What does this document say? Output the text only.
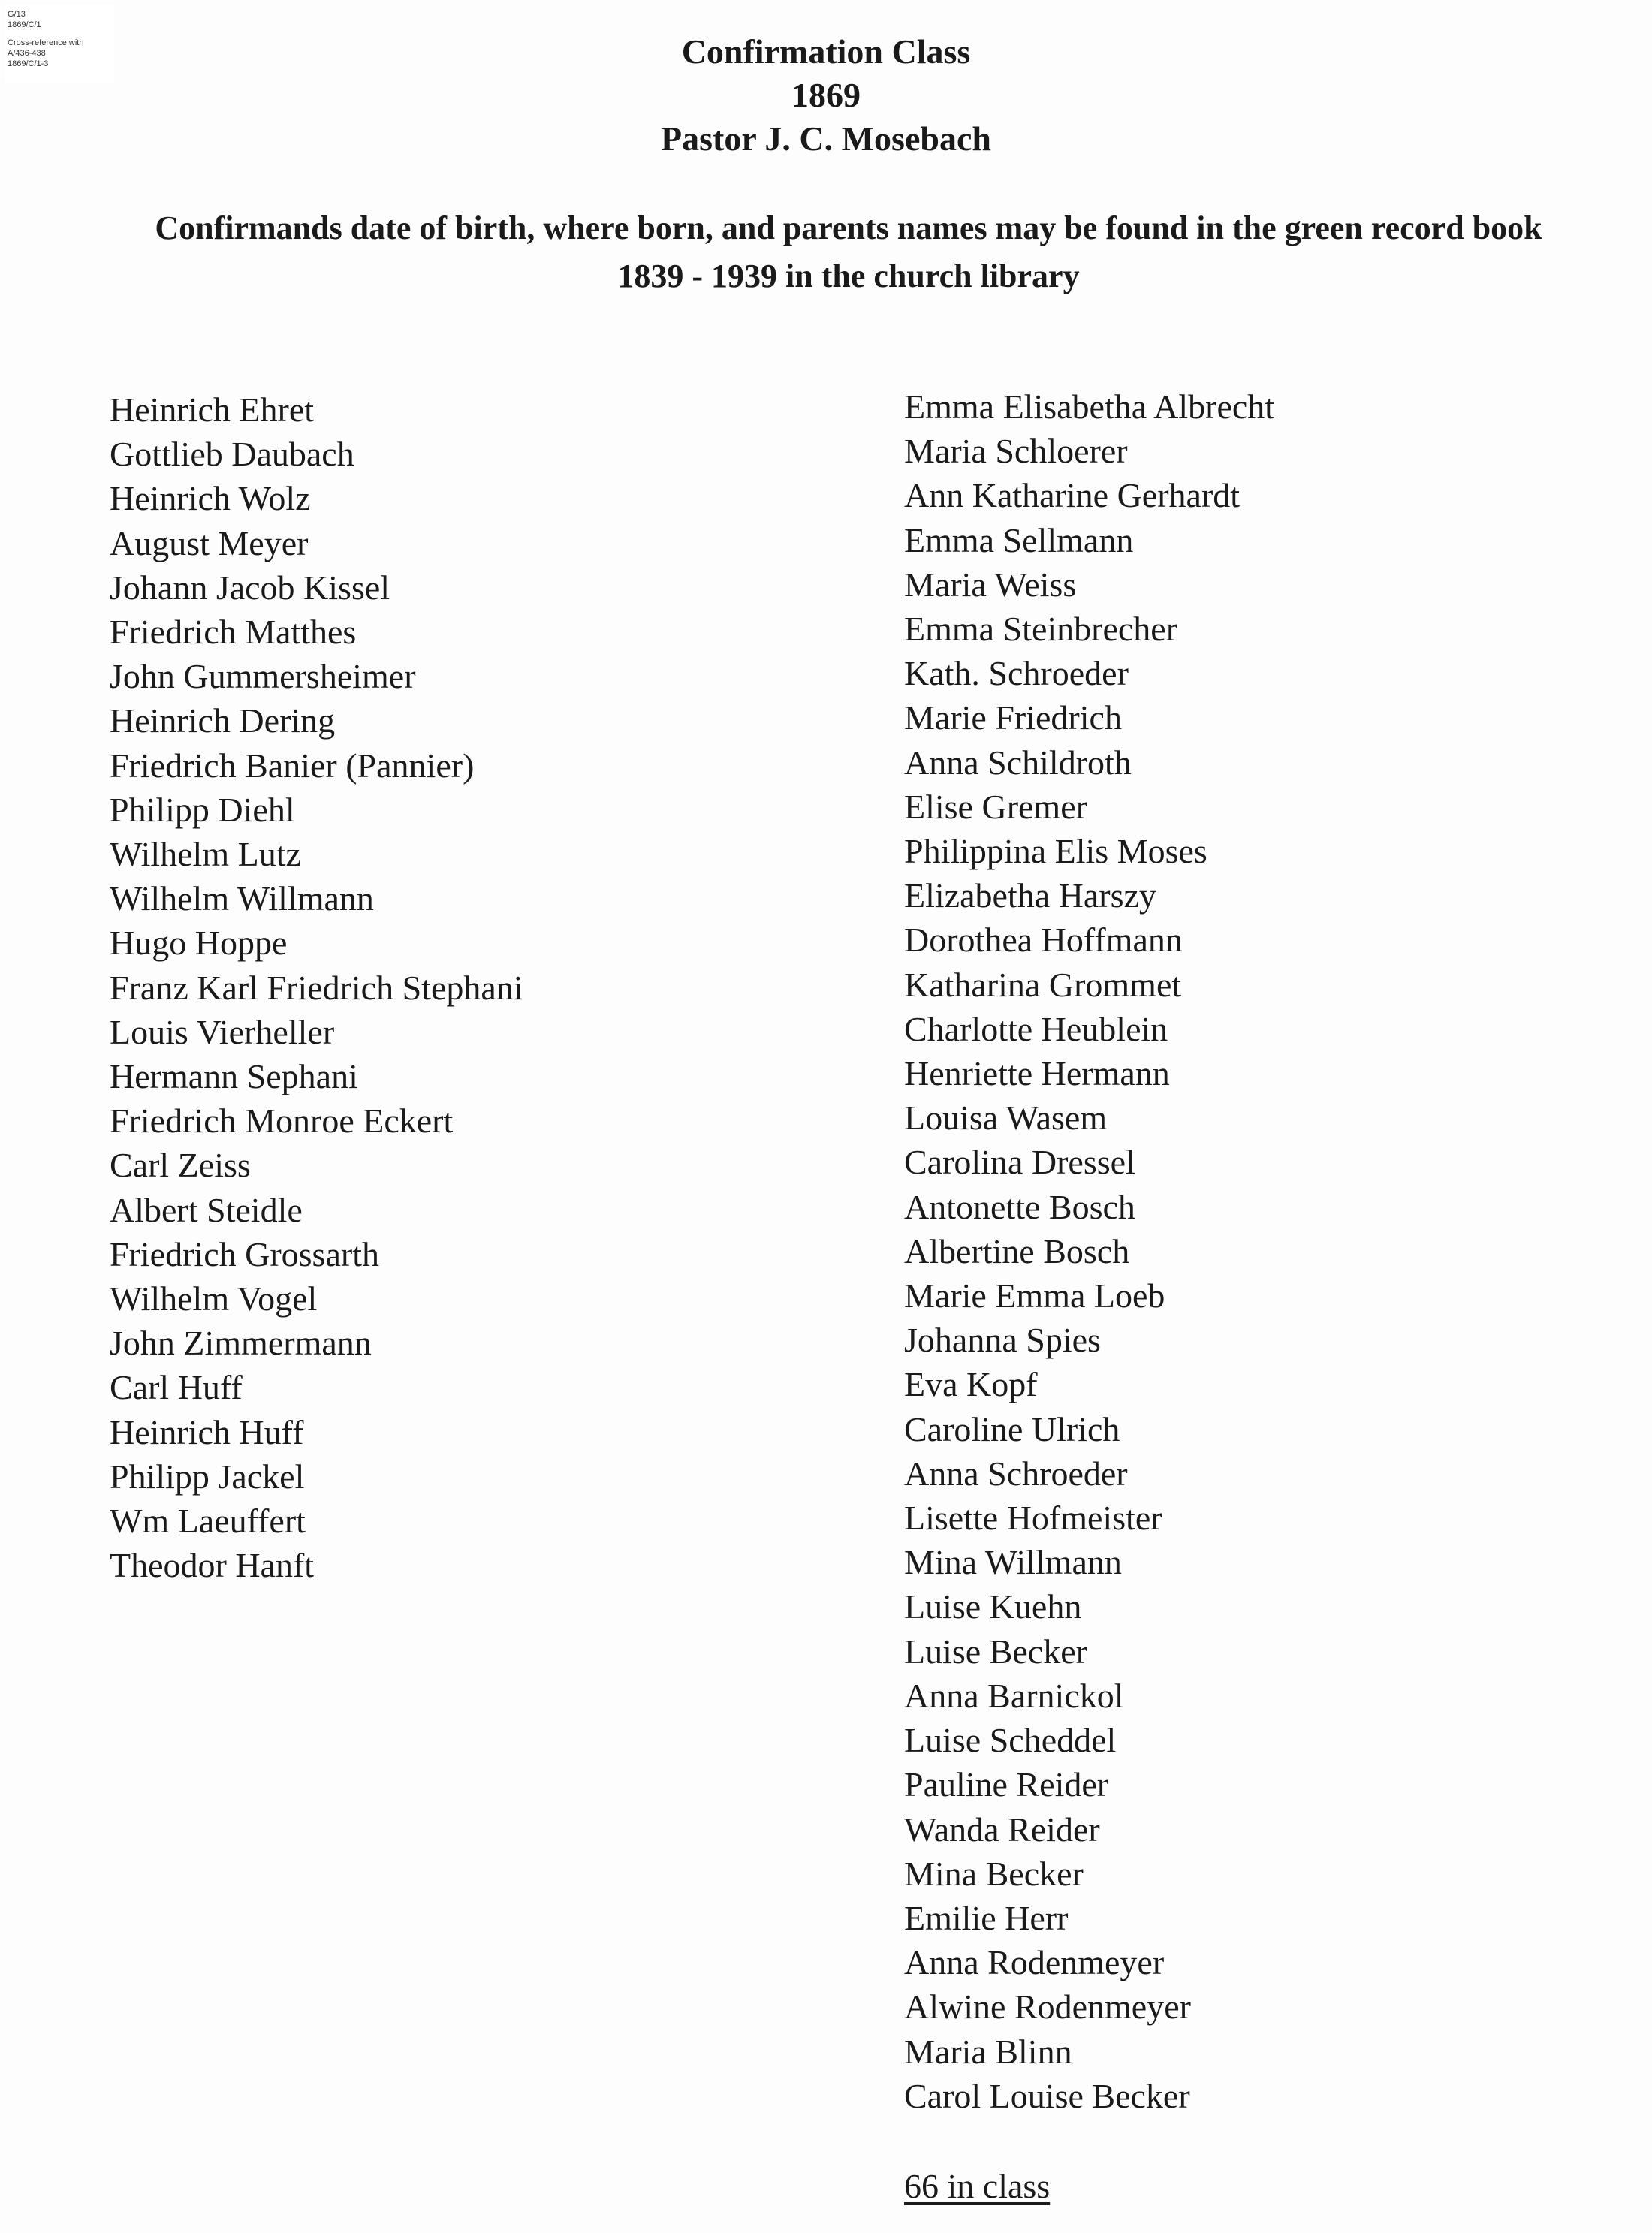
G/13
1869/C/1
Cross-reference with
A/436-438
1869/C/1-3	Confirmation Class
1869
Pastor J. C. Mosebach
Confirmands date of birth, where born, and parents names may be found in the green record book 1839 - 1939 in the church library
Heinrich Ehret
Gottlieb Daubach
Heinrich Wolz
August Meyer
Johann Jacob Kissel
Friedrich Matthes
John Gummersheimer
Heinrich Dering
Friedrich Banier (Pannier)
Philipp Diehl
Wilhelm Lutz
Wilhelm Willmann
Hugo Hoppe
Franz Karl Friedrich Stephani
Louis Vierheller
Hermann Sephani
Friedrich Monroe Eckert
Carl Zeiss
Albert Steidle
Friedrich Grossarth
Wilhelm Vogel
John Zimmermann
Carl Huff
Heinrich Huff
Philipp Jackel
Wm Laeuffert
Theodor Hanft
Emma Elisabetha Albrecht
Maria Schloerer
Ann Katharine Gerhardt
Emma Sellmann
Maria Weiss
Emma Steinbrecher
Kath. Schroeder
Marie Friedrich
Anna Schildroth
Elise Gremer
Philippina Elis Moses
Elizabetha Harszy
Dorothea Hoffmann
Katharina Grommet
Charlotte Heublein
Henriette Hermann
Louisa Wasem
Carolina Dressel
Antonette Bosch
Albertine Bosch
Marie Emma Loeb
Johanna Spies
Eva Kopf
Caroline Ulrich
Anna Schroeder
Lisette Hofmeister
Mina Willmann
Luise Kuehn
Luise Becker
Anna Barnickol
Luise Scheddel
Pauline Reider
Wanda Reider
Mina Becker
Emilie Herr
Anna Rodenmeyer
Alwine Rodenmeyer
Maria Blinn
Carol Louise Becker
66 in class
